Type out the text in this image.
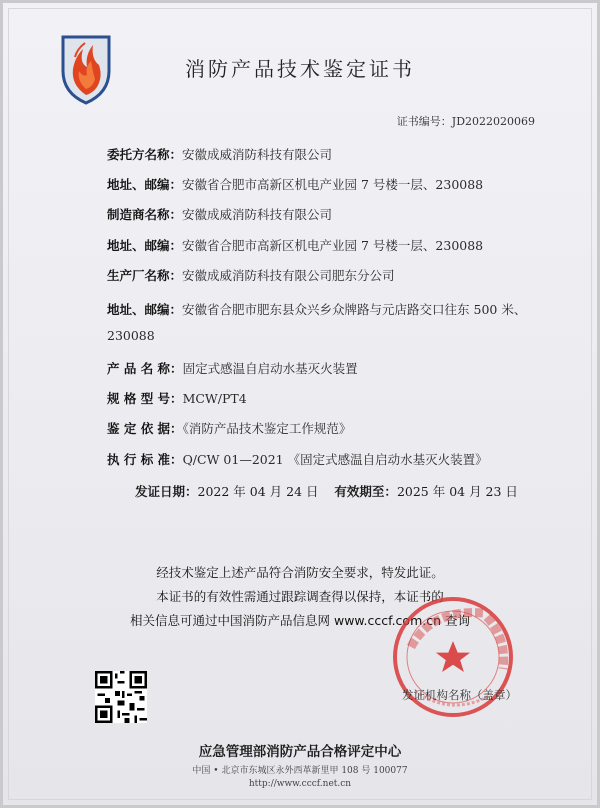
消防产品技术鉴定证书
证书编号：JD2022020069
委托方名称：安徽成威消防科技有限公司
地址、邮编：安徽省合肥市高新区机电产业园 7 号楼一层、230088
制造商名称：安徽成威消防科技有限公司
地址、邮编：安徽省合肥市高新区机电产业园 7 号楼一层、230088
生产厂名称：安徽成威消防科技有限公司肥东分公司
地址、邮编：安徽省合肥市肥东县众兴乡众牌路与元店路交口往东 500 米、230088
产 品 名 称：固定式感温自启动水基灭火装置
规 格 型 号：MCW/PT4
鉴 定 依 据：《消防产品技术鉴定工作规范》
执 行 标 准：Q/CW 01—2021 《固定式感温自启动水基灭火装置》
发证日期：2022 年 04 月 24 日 有效期至：2025 年 04 月 23 日
经技术鉴定上述产品符合消防安全要求，特发此证。
本证书的有效性需通过跟踪调查得以保持，本证书的
相关信息可通过中国消防产品信息网 www.cccf.com.cn 查询
发证机构名称（盖章）
应急管理部消防产品合格评定中心
中国 • 北京市东城区永外西革新里甲 108 号 100077
http://www.cccf.net.cn
